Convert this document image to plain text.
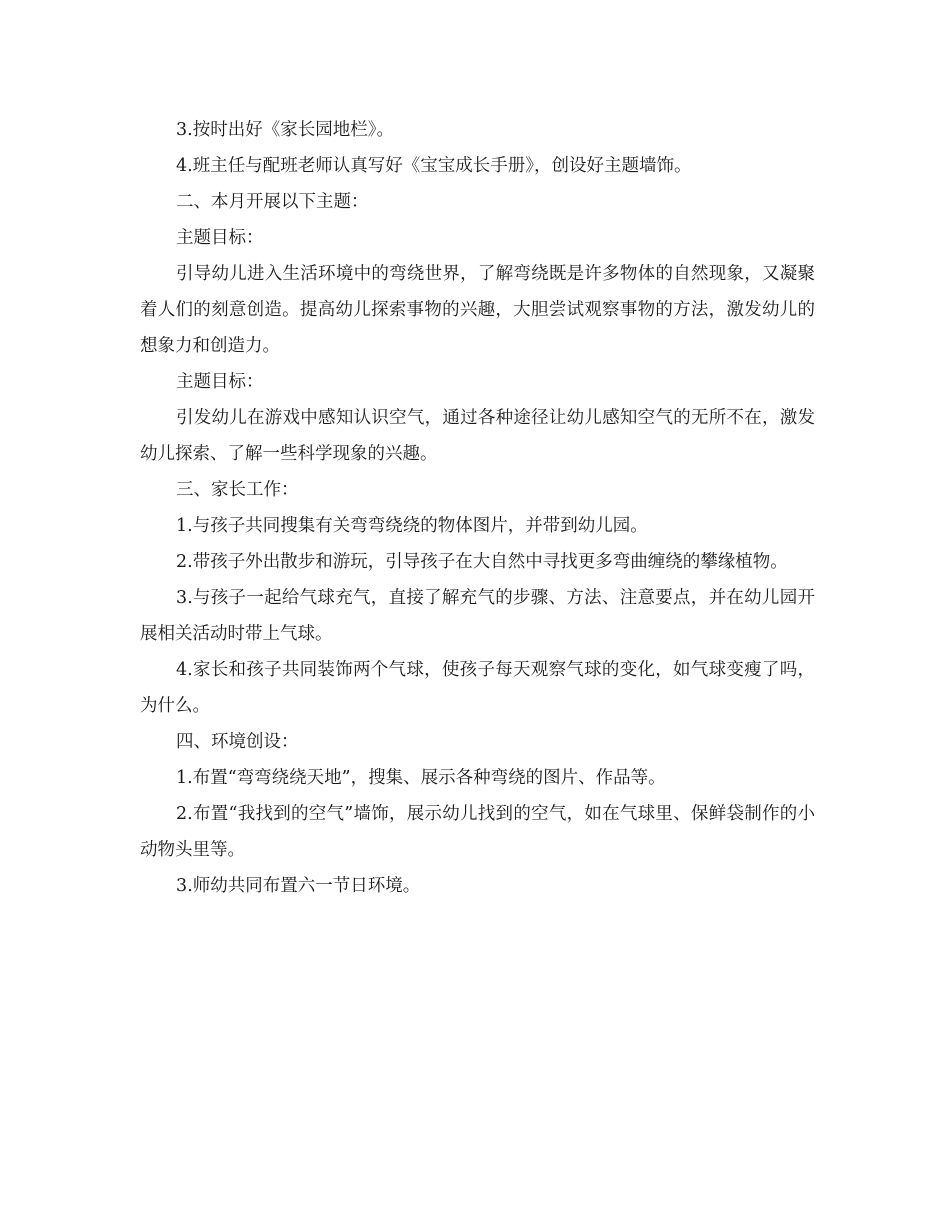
3.按时出好《家长园地栏》。

4.班主任与配班老师认真写好《宝宝成长手册》，创设好主题墙饰。

二、本月开展以下主题：

主题目标：

引导幼儿进入生活环境中的弯绕世界，了解弯绕既是许多物体的自然现象，又凝聚着人们的刻意创造。提高幼儿探索事物的兴趣，大胆尝试观察事物的方法，激发幼儿的想象力和创造力。

主题目标：

引发幼儿在游戏中感知认识空气，通过各种途径让幼儿感知空气的无所不在，激发幼儿探索、了解一些科学现象的兴趣。

三、家长工作：

1.与孩子共同搜集有关弯弯绕绕的物体图片，并带到幼儿园。

2.带孩子外出散步和游玩，引导孩子在大自然中寻找更多弯曲缠绕的攀缘植物。

3.与孩子一起给气球充气，直接了解充气的步骤、方法、注意要点，并在幼儿园开展相关活动时带上气球。

4.家长和孩子共同装饰两个气球，使孩子每天观察气球的变化，如气球变瘦了吗，为什么。

四、环境创设：

1.布置“弯弯绕绕天地”，搜集、展示各种弯绕的图片、作品等。

2.布置“我找到的空气”墙饰，展示幼儿找到的空气，如在气球里、保鲜袋制作的小动物头里等。

3.师幼共同布置六一节日环境。
